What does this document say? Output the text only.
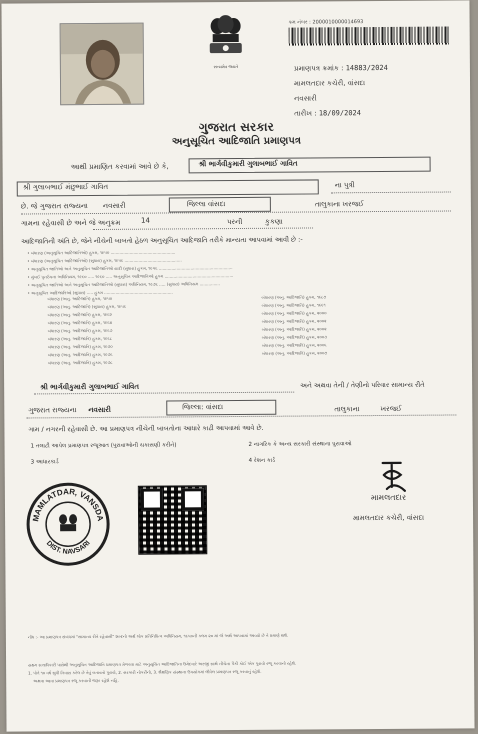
સત્યમેવ જયતે
ક્રમ નંબર : 2000010000014693
પ્રમાણપત્ર ક્રમાંક : 14883/2024
મામલતદાર કચેરી, વાંસદા
નવસારી
તારીખ : 18/09/2024
ગુજરાત સરકાર
અનુસૂચિત આદિજાતિ પ્રમાણપત્ર
આથી પ્રમાણિત કરવામાં આવે છે કે,	શ્રી ભાર્ગવીકુમારી ગુલાબભાઈ ગાવિત
શ્રી ગુલાબભાઈ મંછુભાઈ ગાવિત	ના પુત્રી
છે. જે ગુજરાત રાજ્યના નવસારી	જિલ્લા વાંસદા	તાલુકાના ખરજઈ
ગામના રહેવાસી છે અને જે અનુક્રમ	14	પરની	કુકણા
આદિજાતિની અંતિ છે, જેને નીચેની બાબતો હેઠળ અનુસૂચિત આદિજાતિ તરીકે માન્યતા આપવામાં આવી છે :-
• બંધારણ (અનુસૂચિત આદિજાતિઓ) હુકમ, ૧૯૫૦ ...................................................
• બંધારણ (અનુસૂચિત આદિજાતિઓ) (સુધારા) હુકમ, ૧૯૫૬ .............................................
• અનુસૂચિત જાતિઓ અને અનુસૂચિત આદિજાતિઓ યાદી (સુધારા) હુકમ, ૧૯૫૬ ..........................................................
• મુંબઈ પુનર્રચના અધિનિયમ, ૧૯૬૦ ..... ૧૯૬૦ ..... અનુસૂચિત આદિજાતિઓ હુકમ ......................................................
• અનુસૂચિત જાતિઓ અને અનુસૂચિત આદિજાતિઓ (સુધારા) અધિનિયમ, ૧૯૭૬ ..... (સુધારા) અધિનિયમ ................
• અનુસૂચિત આદિજાતિઓ (સુધારા) ..... હુકમ ......................................................
બંધારણ (અનુ. આદિજાતિ) હુકમ, ૧૯૫૦
બંધારણ (અનુ. આદિજાતિ) (સુધારા) હુકમ, ૧૯૫૬
બંધારણ (અનુ. આદિજાતિ) હુકમ, ૧૯૬૨
બંધારણ (અનુ. આદિજાતિ) હુકમ, ૧૯૬૪
બંધારણ (અનુ. આદિજાતિ) હુકમ, ૧૯૬૭
બંધારણ (અનુ. આદિજાતિ) હુકમ, ૧૯૬૮
બંધારણ (અનુ. આદિજાતિ) હુકમ, ૧૯૭૦
બંધારણ (અનુ. આદિજાતિ) હુકમ, ૧૯૭૬
બંધારણ (અનુ. આદિજાતિ) હુકમ, ૧૯૭૮
બંધારણ (અનુ. આદિજાતિ) હુકમ, ૧૯૮૭
બંધારણ (અનુ. આદિજાતિ) હુકમ, ૧૯૯૧
બંધારણ (અનુ. આદિજાતિ) હુકમ, ૨૦૦૦
બંધારણ (અનુ. આદિજાતિ) હુકમ, ૨૦૦૨
બંધારણ (અનુ. આદિજાતિ) હુકમ, ૨૦૦૨
બંધારણ (અનુ. આદિજાતિ) હુકમ, ૨૦૦૩
બંધારણ (અનુ. આદિજાતિ) હુકમ, ૨૦૦૬
બંધારણ (અનુ. આદિજાતિ) હુકમ, ૨૦૦૭
શ્રી ભાર્ગવીકુમારી ગુલાબભાઈ ગાવિત	અને અથવા તેની / તેણીનો પરિવાર સામાન્ય રીતે
ગુજરાત રાજ્યના નવસારી	જિલ્લા: વાંસદા	તાલુકાના	ખરજઈ
ગામ / નગરની રહેવાસી છે. આ પ્રમાણપત્ર નીચેની બાબતોના આધારે કાઢી આપવામાં આવે છે.
1 તલાટી આપેલ પ્રમાણપત્ર રજૂઆત (પુરાવાઓની ચકાસણી કરીને)	2 નાગરિક કે અન્ય સરકારી સંસ્થાના પુરાવાઓ
3 આધારકાર્ડ	4 રેશન કાર્ડ
MAMLATDAR, VANSDA
DIST. NAVSARI
મામલતદાર
મામલતદાર કચેરી, વાંસદા
નોંધ :- આ પ્રમાણપત્ર સંબંધમાં "સામાન્ય રીતે રહેવાસી" શબ્દનો અર્થ લોક પ્રતિનિધિત્વ અધિનિયમ, ૧૯૫૦ની કલમ ૨૦ માં જે અર્થ આપવામાં આવ્યો છે તે પ્રમાણે થશે.
સક્ષમ સત્તાધિકારી પાસેથી અનુસૂચિત આદિજાતિ પ્રમાણપત્ર મેળવવા માટે અનુસૂચિત આદિજાતિના ઉમેદવારે અરજી સાથે નીચેના પૈકી કોઈ એક પુરાવો રજૂ કરવાનો રહેશે.
1. પોતે ૧૦ વર્ષ સુધી નિવાસ કરેલ છે તેવું બતાવતો પુરાવો, 2. સરકારી નોકરીનો, 3. શૈક્ષણિક સંસ્થાના ઉપયોગમાં લીધેલ પ્રમાણપત્ર રજૂ કરવાનું રહેશે.
અથવા આવા પ્રમાણપત્ર રજૂ કરવાની જરૂર રહેશે નહિ.
